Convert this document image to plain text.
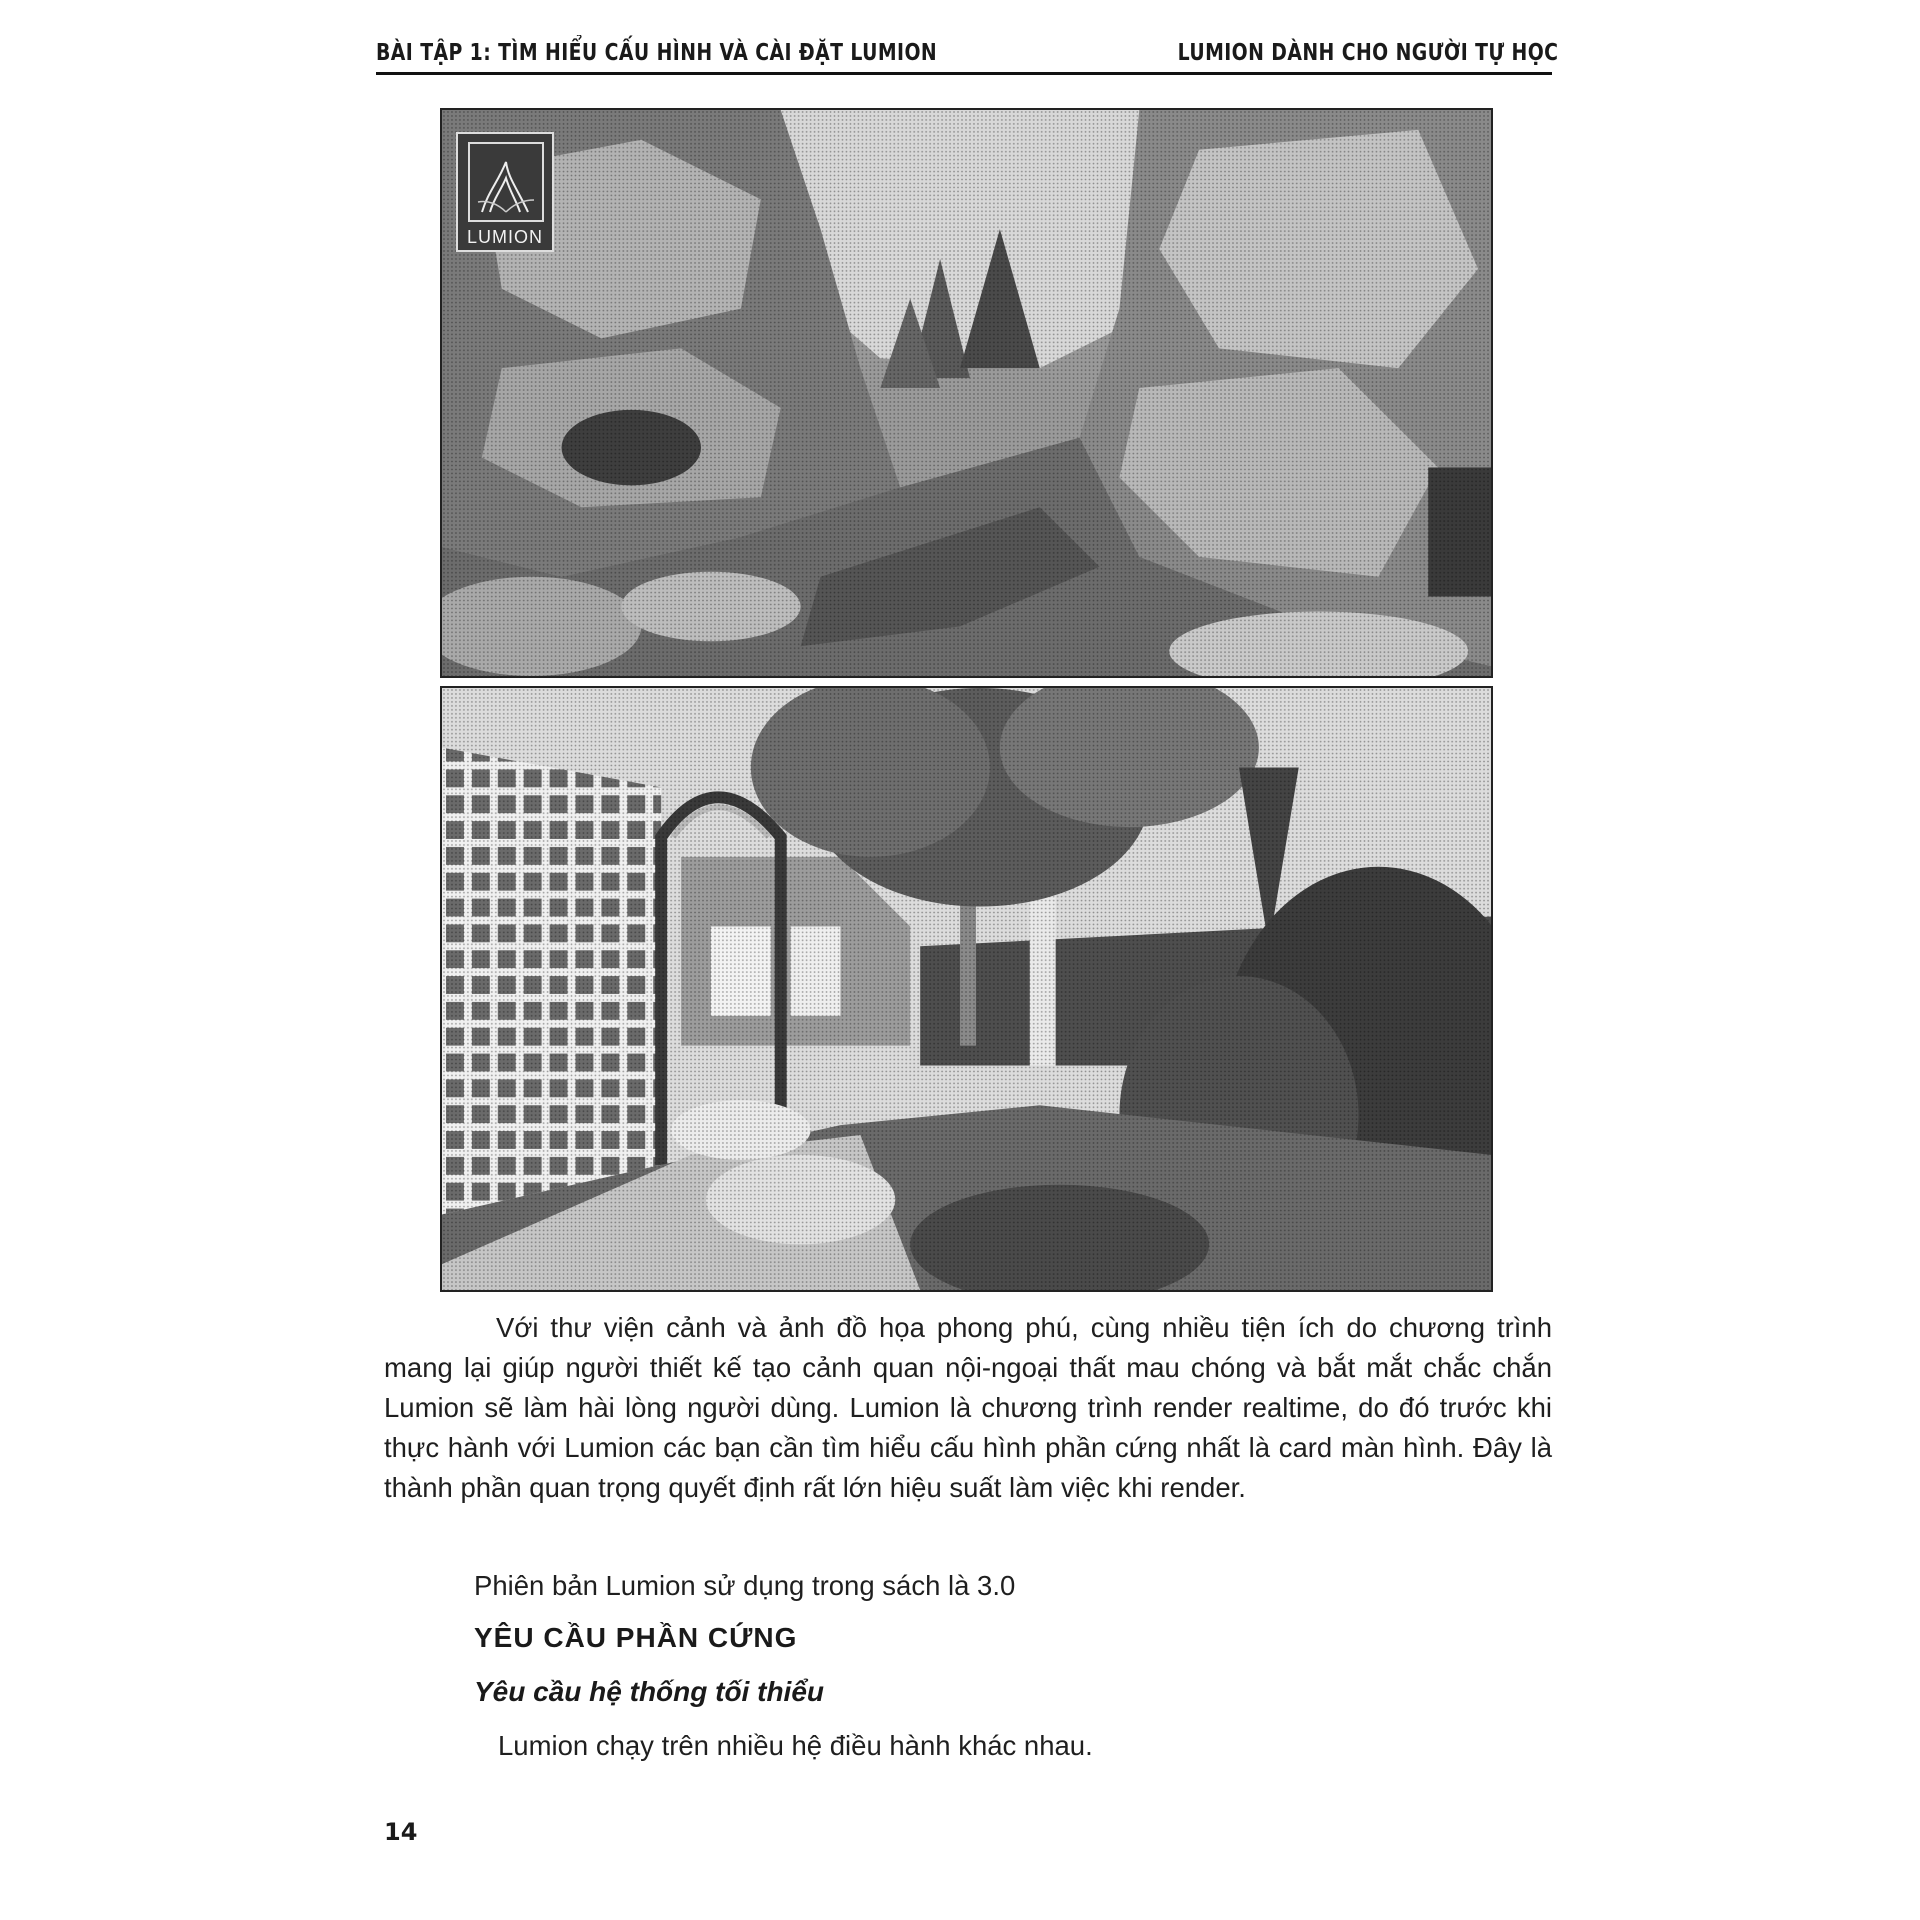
BÀI TẬP 1: TÌM HIỂU CẤU HÌNH VÀ CÀI ĐẶT LUMION	LUMION DÀNH CHO NGƯỜI TỰ HỌC
LUMION

Với thư viện cảnh và ảnh đồ họa phong phú, cùng nhiều tiện ích do chương trình mang lại giúp người thiết kế tạo cảnh quan nội-ngoại thất mau chóng và bắt mắt chắc chắn Lumion sẽ làm hài lòng người dùng. Lumion là chương trình render realtime, do đó trước khi thực hành với Lumion các bạn cần tìm hiểu cấu hình phần cứng nhất là card màn hình. Đây là thành phần quan trọng quyết định rất lớn hiệu suất làm việc khi render.

Phiên bản Lumion sử dụng trong sách là 3.0

YÊU CẦU PHẦN CỨNG
Yêu cầu hệ thống tối thiểu

Lumion chạy trên nhiều hệ điều hành khác nhau.

14
